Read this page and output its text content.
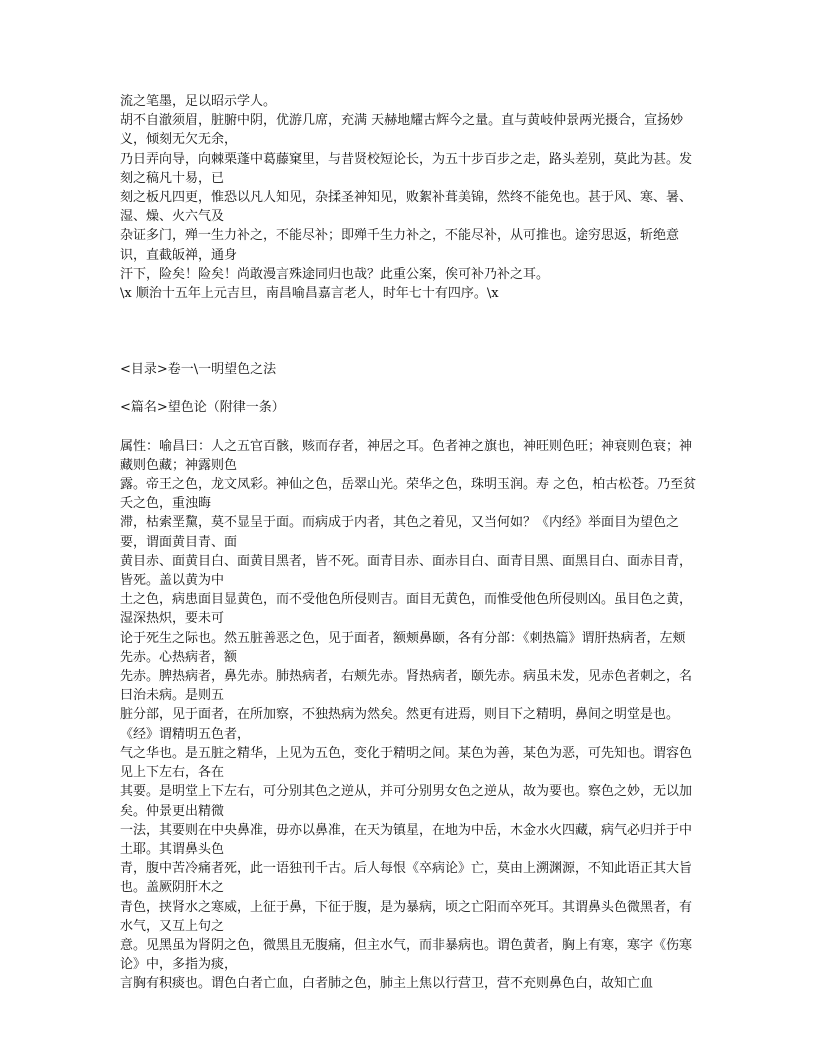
流之笔墨，足以昭示学人。

胡不自澈须眉，脏腑中阴，优游几席，充满 天赫地耀古辉今之量。直与黄岐仲景两光摄合，宣扬妙义，倾刻无欠无余，

乃日弄向导，向棘栗蓬中葛藤窠里，与昔贤校短论长，为五十步百步之走，路头差别，莫此为甚。发刻之稿凡十易，已

刻之板凡四更，惟恐以凡人知见，杂揉圣神知见，败絮补葺美锦，然终不能免也。甚于风、寒、暑、湿、燥、火六气及

杂证多门，殚一生力补之，不能尽补；即殚千生力补之，不能尽补，从可推也。途穷思返，斩绝意识，直截皈禅，通身

汗下，险矣！险矣！尚敢漫言殊途同归也哉？此重公案，俟可补乃补之耳。

\x 顺治十五年上元吉旦，南昌喻昌嘉言老人，时年七十有四序。\x

<目录>卷一\一明望色之法

<篇名>望色论（附律一条）

属性：喻昌曰：人之五官百骸，赅而存者，神居之耳。色者神之旗也，神旺则色旺；神衰则色衰；神藏则色藏；神露则色

露。帝王之色，龙文凤彩。神仙之色，岳翠山光。荣华之色，珠明玉润。寿 之色，柏古松苍。乃至贫夭之色，重浊晦

滞，枯索垩黧，莫不显呈于面。而病成于内者，其色之着见，又当何如？《内经》举面目为望色之要，谓面黄目青、面

黄目赤、面黄目白、面黄目黑者，皆不死。面青目赤、面赤目白、面青目黑、面黑目白、面赤目青，皆死。盖以黄为中

土之色，病患面目显黄色，而不受他色所侵则吉。面目无黄色，而惟受他色所侵则凶。虽目色之黄，湿深热炽，要未可

论于死生之际也。然五脏善恶之色，见于面者，额颊鼻颐，各有分部：《刺热篇》谓肝热病者，左颊先赤。心热病者，额

先赤。脾热病者，鼻先赤。肺热病者，右颊先赤。肾热病者，颐先赤。病虽未发，见赤色者刺之，名曰治未病。是则五

脏分部，见于面者，在所加察，不独热病为然矣。然更有进焉，则目下之精明，鼻间之明堂是也。《经》谓精明五色者，

气之华也。是五脏之精华，上见为五色，变化于精明之间。某色为善，某色为恶，可先知也。谓容色见上下左右，各在

其要。是明堂上下左右，可分别其色之逆从，并可分别男女色之逆从，故为要也。察色之妙，无以加矣。仲景更出精微

一法，其要则在中央鼻准，毋亦以鼻准，在天为镇星，在地为中岳，木金水火四藏，病气必归并于中土耶。其谓鼻头色

青，腹中苦冷痛者死，此一语独刊千古。后人每恨《卒病论》亡，莫由上溯渊源，不知此语正其大旨也。盖厥阴肝木之

青色，挟肾水之寒威，上征于鼻，下征于腹，是为暴病，顷之亡阳而卒死耳。其谓鼻头色微黑者，有水气，又互上句之

意。见黑虽为肾阴之色，微黑且无腹痛，但主水气，而非暴病也。谓色黄者，胸上有寒，寒字《伤寒论》中，多指为痰，

言胸有积痰也。谓色白者亡血，白者肺之色，肺主上焦以行营卫，营不充则鼻色白，故知亡血
